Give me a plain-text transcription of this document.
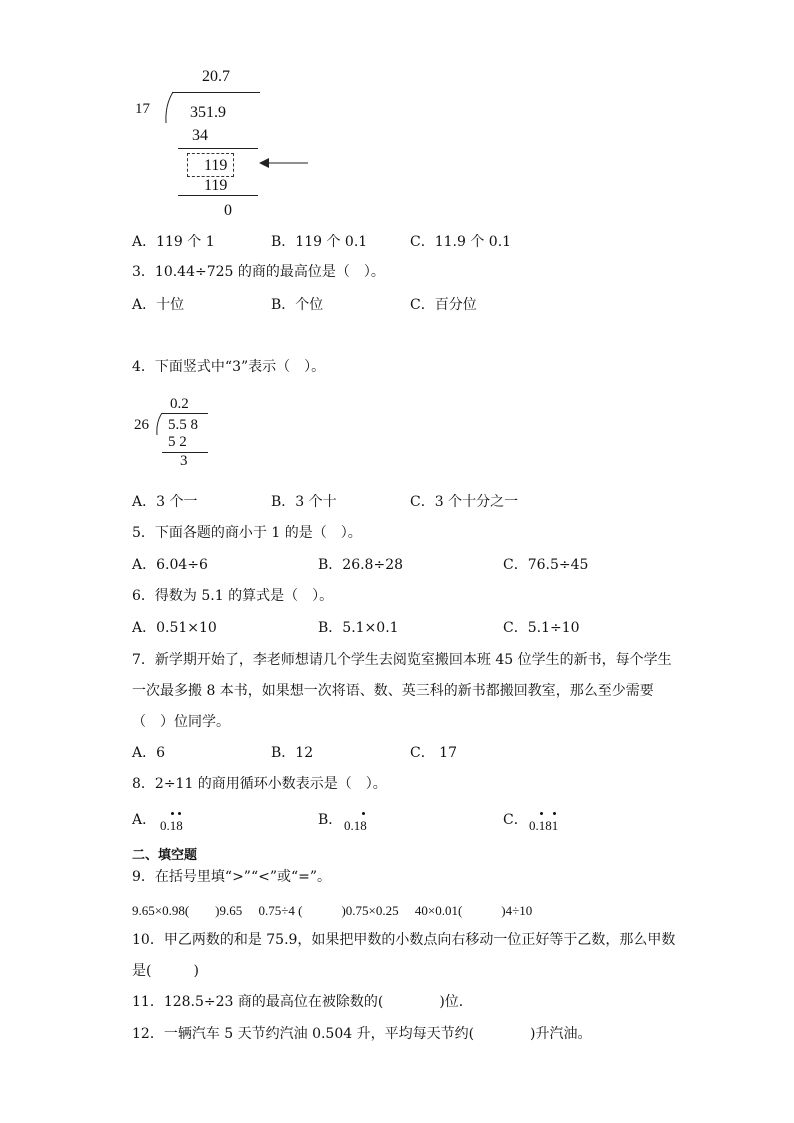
20.7
17	351.9
34
119
119
0
A．119 个 1	B．119 个 0.1	C．11.9 个 0.1
3．10.44÷725 的商的最高位是（　）。
A．十位	B．个位	C．百分位
4．下面竖式中“3”表示（　）。
0.2
26 5.5 8
5 2
3
A．3 个一	B．3 个十	C．3 个十分之一
5．下面各题的商小于 1 的是（　）。
A．6.04÷6	B．26.8÷28	C．76.5÷45
6．得数为 5.1 的算式是（　）。
A．0.51×10	B．5.1×0.1	C．5.1÷10
7．新学期开始了，李老师想请几个学生去阅览室搬回本班 45 位学生的新书，每个学生
一次最多搬 8 本书，如果想一次将语、数、英三科的新书都搬回教室，那么至少需要
（　）位同学。
A．6	B．12	C． 17
8．2÷11 的商用循环小数表示是（　）。
A． 0.18	B． 0.18	C． 0.181
二、填空题
9．在括号里填“>”“<”或“=”。
9.65×0.98(　　)9.65　 0.75÷4 (　　　)0.75×0.25　 40×0.01(　　　)4÷10
10．甲乙两数的和是 75.9，如果把甲数的小数点向右移动一位正好等于乙数，那么甲数
是(　　　)
11．128.5÷23 商的最高位在被除数的(　　　　)位．
12．一辆汽车 5 天节约汽油 0.504 升，平均每天节约(　　　　)升汽油。
